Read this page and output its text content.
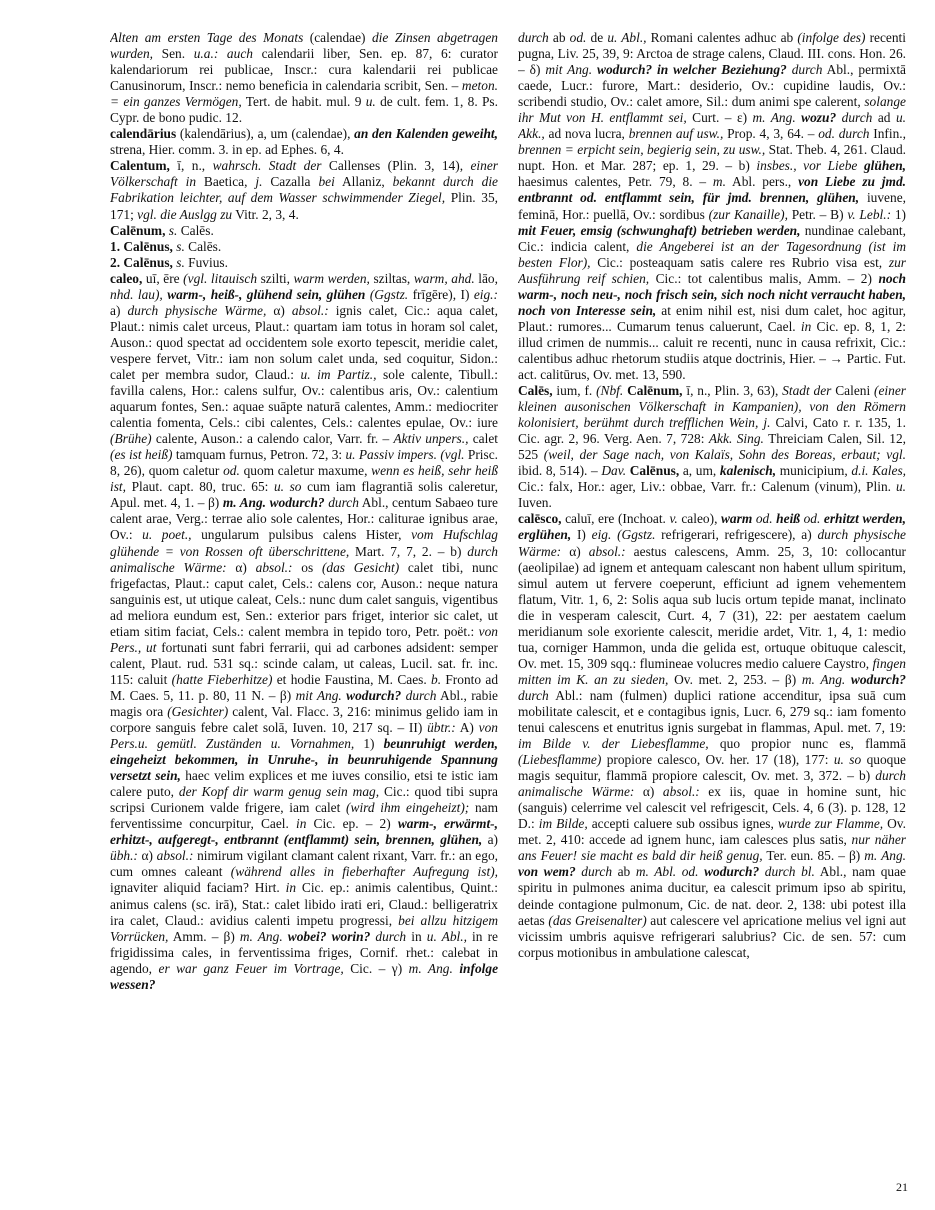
Alten am ersten Tage des Monats (calendae) die Zinsen abgetragen wurden, Sen. u.a.: auch calendarii liber, Sen. ep. 87, 6: curator kalendariorum rei publicae, Inscr.: cura kalendarii rei publicae Canusinorum, Inscr.: nemo beneficia in calendaria scribit, Sen. – meton. = ein ganzes Vermögen, Tert. de habit. mul. 9 u. de cult. fem. 1, 8. Ps. Cypr. de bono pudic. 12.

calendārius (kalendārius), a, um (calendae), an den Kalenden geweiht, strena, Hier. comm. 3. in ep. ad Ephes. 6, 4.

Calentum, ī, n., wahrsch. Stadt der Callenses (Plin. 3, 14), einer Völkerschaft in Baetica, j. Cazalla bei Allaniz, bekannt durch die Fabrikation leichter, auf dem Wasser schwimmender Ziegel, Plin. 35, 171; vgl. die Auslgg zu Vitr. 2, 3, 4.

Calēnum, s. Calēs.

1. Calēnus, s. Calēs.

2. Calēnus, s. Fuvius.

caleo, uī, ēre (vgl. litauisch szilti, warm werden, sziltas, warm, ahd. lāo, nhd. lau), warm-, heiß-, glühend sein, glühen (Ggstz. frīgēre), I) eig.: a) durch physische Wärme, α) absol.: ignis calet, Cic.: aqua calet, Plaut.: nimis calet urceus, Plaut.: quartam iam totus in horam sol calet, Auson.: quod spectat ad occidentem sole exorto tepescit, meridie calet, vespere fervet, Vitr.: iam non solum calet unda, sed coquitur, Sidon.: calet per membra sudor, Claud.: u. im Partiz., sole calente, Tibull.: favilla calens, Hor.: calens sulfur, Ov.: calentibus aris, Ov.: calentium aquarum fontes, Sen.: aquae suāpte naturā calentes, Amm.: mediocriter calentia fomenta, Cels.: cibi calentes, Cels.: calentes epulae, Ov.: iure (Brühe) calente, Auson.: a calendo calor, Varr. fr. – Aktiv unpers., calet (es ist heiß) tamquam furnus, Petron. 72, 3: u. Passiv impers. (vgl. Prisc. 8, 26), quom caletur od. quom caletur maxume, wenn es heiß, sehr heiß ist, Plaut. capt. 80, truc. 65: u. so cum iam flagrantiā solis caleretur, Apul. met. 4, 1. – β) m. Ang. wodurch? durch Abl., centum Sabaeo ture calent arae, Verg.: terrae alio sole calentes, Hor.: caliturae ignibus arae, Ov.: u. poet., ungularum pulsibus calens Hister, vom Hufschlag glühende = von Rossen oft überschrittene, Mart. 7, 7, 2. – b) durch animalische Wärme: α) absol.: os (das Gesicht) calet tibi, nunc frigefactas, Plaut.: caput calet, Cels.: calens cor, Auson.: neque natura sanguinis est, ut utique caleat, Cels.: nunc dum calet sanguis, vigentibus ad meliora eundum est, Sen.: exterior pars friget, interior sic calet, ut etiam sitim faciat, Cels.: calent membra in tepido toro, Petr. poët.: von Pers., ut fortunati sunt fabri ferrarii, qui ad carbones adsident: semper calent, Plaut. rud. 531 sq.: scinde calam, ut caleas, Lucil. sat. fr. inc. 115: caluit (hatte Fieberhitze) et hodie Faustina, M. Caes. b. Fronto ad M. Caes. 5, 11. p. 80, 11 N. – β) mit Ang. wodurch? durch Abl., rabie magis ora (Gesichter) calent, Val. Flacc. 3, 216: minimus gelido iam in corpore sanguis febre calet solā, Iuven. 10, 217 sq. – II) übtr.: A) von Pers.u. gemütl. Zuständen u. Vornahmen, 1) beunruhigt werden, eingeheizt bekommen, in Unruhe-, in beunruhigende Spannung versetzt sein, haec velim explices et me iuves consilio, etsi te istic iam calere puto, der Kopf dir warm genug sein mag, Cic.: quod tibi supra scripsi Curionem valde frigere, iam calet (wird ihm eingeheizt); nam ferventissime concurpitur, Cael. in Cic. ep. – 2) warm-, erwärmt-, erhitzt-, aufgeregt-, entbrannt (entflammt) sein, brennen, glühen, a) übh.: α) absol.: nimirum vigilant clamant calent rixant, Varr. fr.: an ego, cum omnes caleant (während alles in fieberhafter Aufregung ist), ignaviter aliquid faciam? Hirt. in Cic. ep.: animis calentibus, Quint.: animus calens (sc. irā), Stat.: calet libido irati eri, Claud.: belligeratrix ira calet, Claud.: avidius calenti impetu progressi, bei allzu hitzigem Vorrücken, Amm. – β) m. Ang. wobei? worin? durch in u. Abl., in re frigidissima cales, in ferventissima friges, Cornif. rhet.: calebat in agendo, er war ganz Feuer im Vortrage, Cic. – γ) m. Ang. infolge wessen?

durch ab od. de u. Abl., Romani calentes adhuc ab (infolge des) recenti pugna, Liv. 25, 39, 9: Arctoa de strage calens, Claud. III. cons. Hon. 26. – δ) mit Ang. wodurch? in welcher Beziehung? durch Abl., permixtā caede, Lucr.: furore, Mart.: desiderio, Ov.: cupidine laudis, Ov.: scribendi studio, Ov.: calet amore, Sil.: dum animi spe calerent, solange ihr Mut von H. entflammt sei, Curt. – ε) m. Ang. wozu? durch ad u. Akk., ad nova lucra, brennen auf usw., Prop. 4, 3, 64. – od. durch Infin., brennen = erpicht sein, begierig sein, zu usw., Stat. Theb. 4, 261. Claud. nupt. Hon. et Mar. 287; ep. 1, 29. – b) insbes., vor Liebe glühen, haesimus calentes, Petr. 79, 8. – m. Abl. pers., von Liebe zu jmd. entbrannt od. entflammt sein, für jmd. brennen, glühen, iuvene, feminā, Hor.: puellā, Ov.: sordibus (zur Kanaille), Petr. – B) v. Lebl.: 1) mit Feuer, emsig (schwunghaft) betrieben werden, nundinae calebant, Cic.: indicia calent, die Angeberei ist an der Tagesordnung (ist im besten Flor), Cic.: posteaquam satis calere res Rubrio visa est, zur Ausführung reif schien, Cic.: tot calentibus malis, Amm. – 2) noch warm-, noch neu-, noch frisch sein, sich noch nicht verraucht haben, noch von Interesse sein, at enim nihil est, nisi dum calet, hoc agitur, Plaut.: rumores... Cumarum tenus caluerunt, Cael. in Cic. ep. 8, 1, 2: illud crimen de nummis... caluit re recenti, nunc in causa refrixit, Cic.: calentibus adhuc rhetorum studiis atque doctrinis, Hier. – → Partic. Fut. act. calitūrus, Ov. met. 13, 590.

Calēs, ium, f. (Nbf. Calēnum, ī, n., Plin. 3, 63), Stadt der Caleni (einer kleinen ausonischen Völkerschaft in Kampanien), von den Römern kolonisiert, berühmt durch trefflichen Wein, j. Calvi, Cato r. r. 135, 1. Cic. agr. 2, 96. Verg. Aen. 7, 728: Akk. Sing. Threiciam Calen, Sil. 12, 525 (weil, der Sage nach, von Kalaïs, Sohn des Boreas, erbaut; vgl. ibid. 8, 514). – Dav. Calēnus, a, um, kalenisch, municipium, d.i. Kales, Cic.: falx, Hor.: ager, Liv.: obbae, Varr. fr.: Calenum (vinum), Plin. u. Iuven.

calēsco, caluī, ere (Inchoat. v. caleo), warm od. heiß od. erhitzt werden, erglühen, I) eig. (Ggstz. refrigerari, refrigescere), a) durch physische Wärme: α) absol.: aestus calescens, Amm. 25, 3, 10: collocantur (aeolipilae) ad ignem et antequam calescant non habent ullum spiritum, simul autem ut fervere coeperunt, efficiunt ad ignem vehementem flatum, Vitr. 1, 6, 2: Solis aqua sub lucis ortum tepide manat, inclinato die in vesperam calescit, Curt. 4, 7 (31), 22: per aestatem caelum meridianum sole exoriente calescit, meridie ardet, Vitr. 1, 4, 1: medio tua, corniger Hammon, unda die gelida est, ortuque obituque calescit, Ov. met. 15, 309 sqq.: flumineae volucres medio caluere Caystro, fingen mitten im K. an zu sieden, Ov. met. 2, 253. – β) m. Ang. wodurch? durch Abl.: nam (fulmen) duplici ratione accenditur, ipsa suā cum mobilitate calescit, et e contagibus ignis, Lucr. 6, 279 sq.: iam fomento tenui calescens et enutritus ignis surgebat in flammas, Apul. met. 7, 19: im Bilde v. der Liebesflamme, quo propior nunc es, flammā (Liebesflamme) propiore calesco, Ov. her. 17 (18), 177: u. so quoque magis sequitur, flammā propiore calescit, Ov. met. 3, 372. – b) durch animalische Wärme: α) absol.: ex iis, quae in homine sunt, hic (sanguis) celerrime vel calescit vel refrigescit, Cels. 4, 6 (3). p. 128, 12 D.: im Bilde, accepti caluere sub ossibus ignes, wurde zur Flamme, Ov. met. 2, 410: accede ad ignem hunc, iam calesces plus satis, nur näher ans Feuer! sie macht es bald dir heiß genug, Ter. eun. 85. – β) m. Ang. von wem? durch ab m. Abl. od. wodurch? durch bl. Abl., nam quae spiritu in pulmones anima ducitur, ea calescit primum ipso ab spiritu, deinde contagione pulmonum, Cic. de nat. deor. 2, 138: ubi potest illa aetas (das Greisenalter) aut calescere vel apricatione melius vel igni aut vicissim umbris aquisve refrigerari salubrius? Cic. de sen. 57: cum corpus motionibus in ambulatione calescat,

21
